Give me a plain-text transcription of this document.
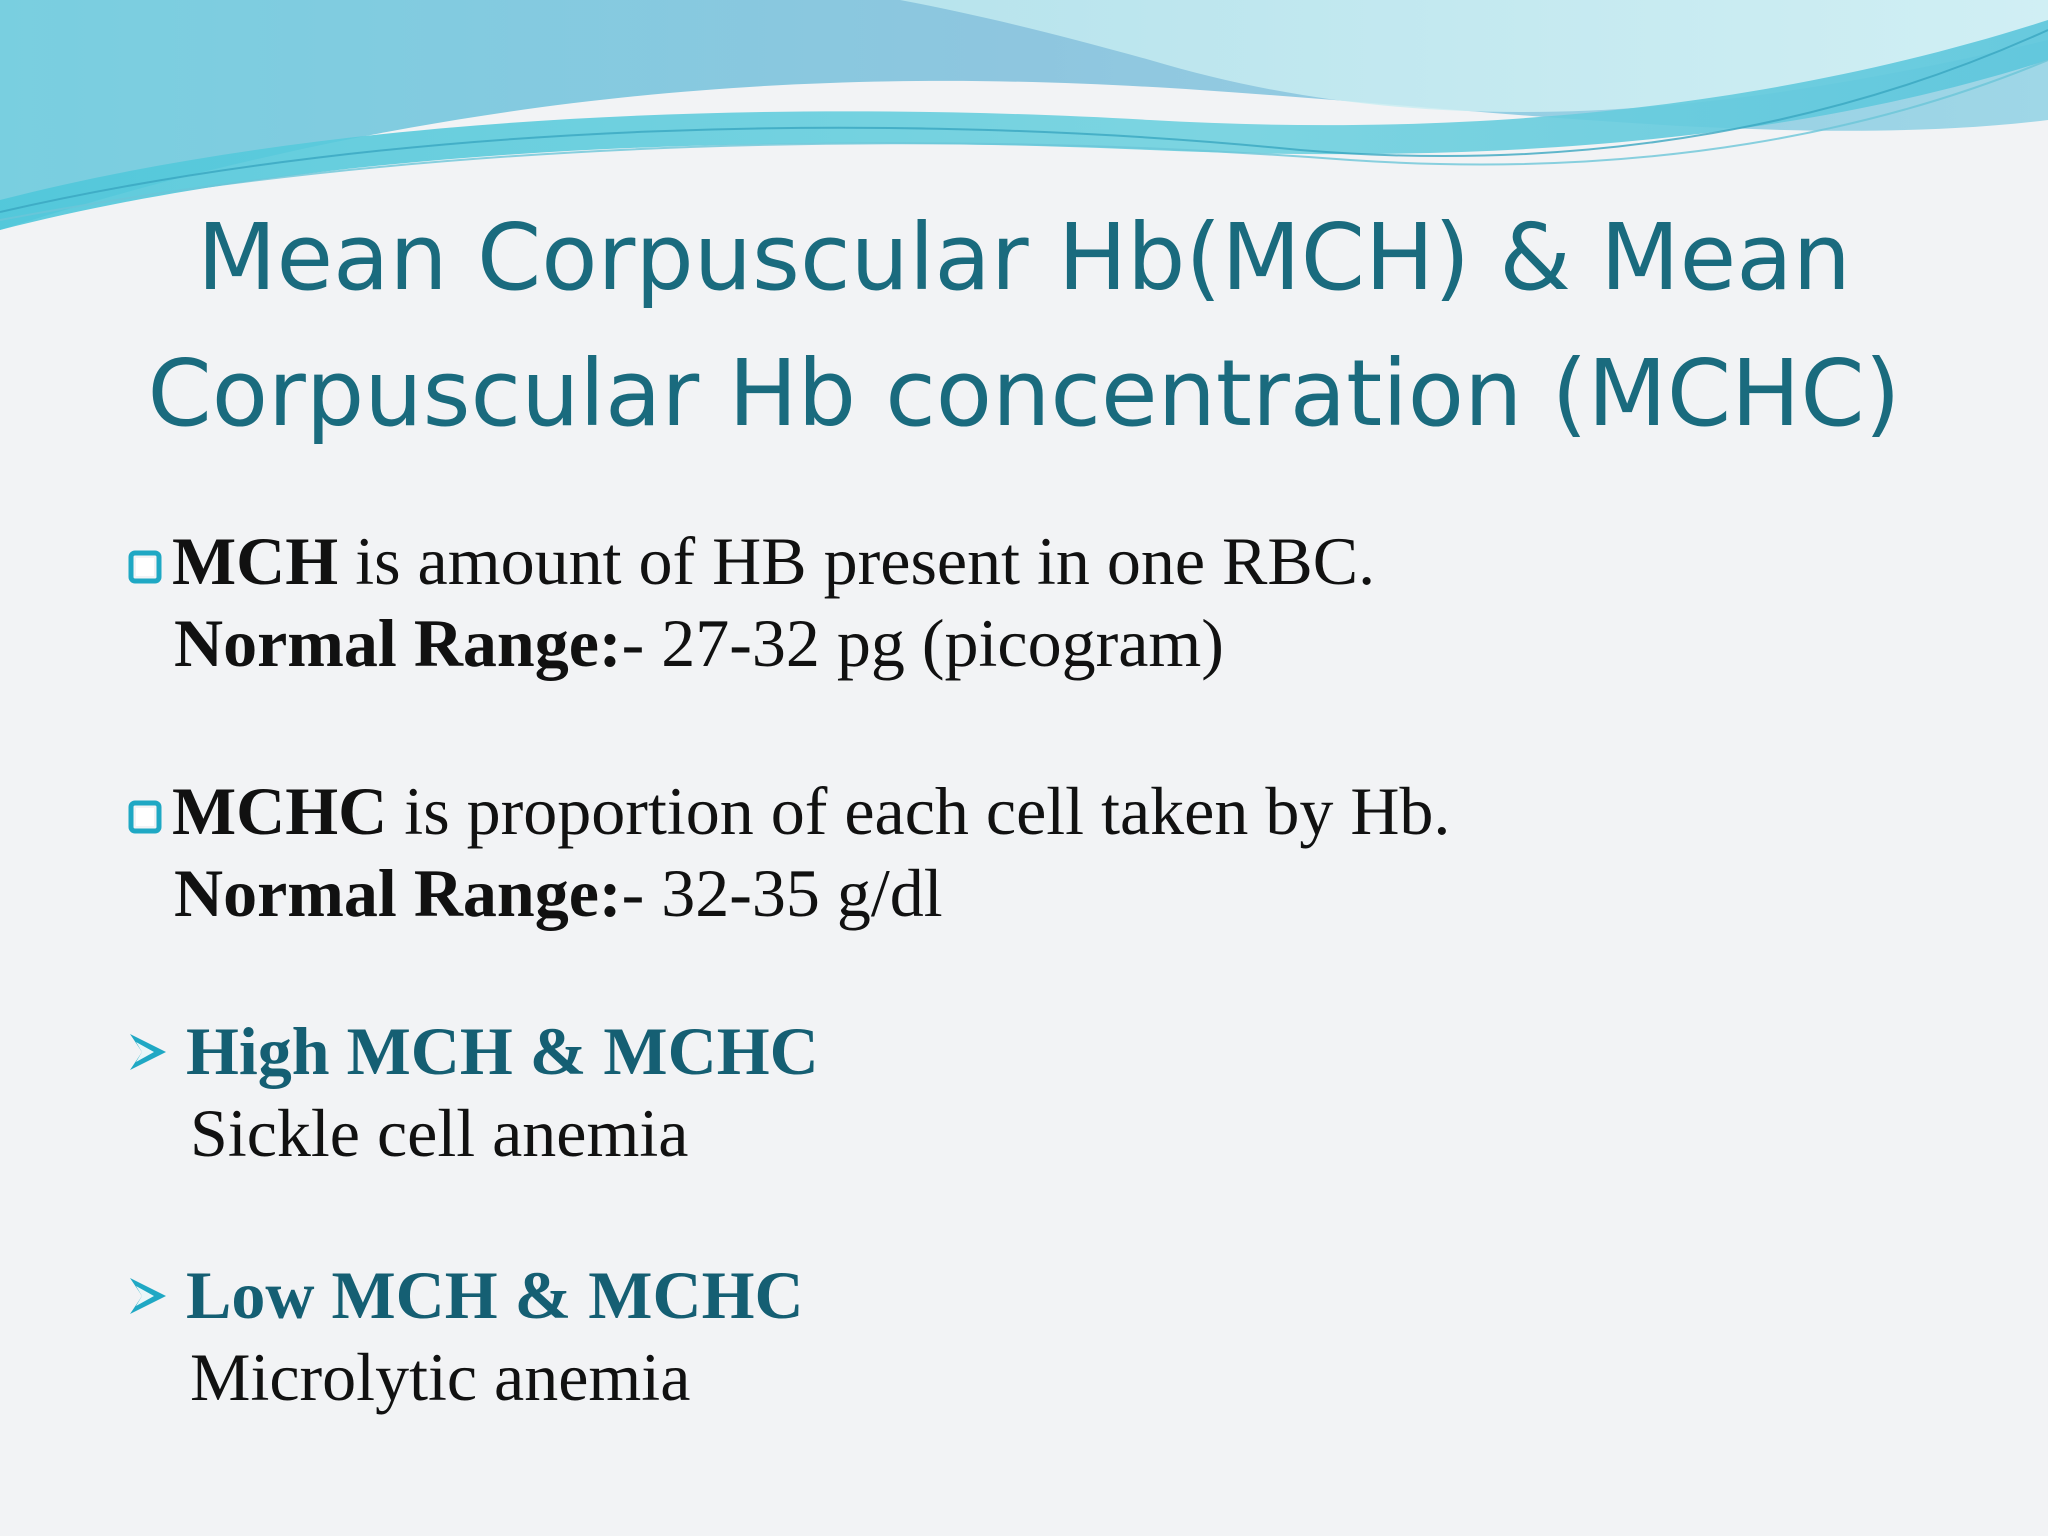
Mean Corpuscular Hb(MCH) & Mean
Corpuscular Hb concentration (MCHC)
MCH is amount of HB present in one RBC.
Normal Range: - 27-32 pg (picogram)
MCHC is proportion of each cell taken by Hb.
Normal Range: - 32-35 g/dl
High MCH & MCHC
Sickle cell anemia
Low MCH & MCHC
Microlytic anemia
